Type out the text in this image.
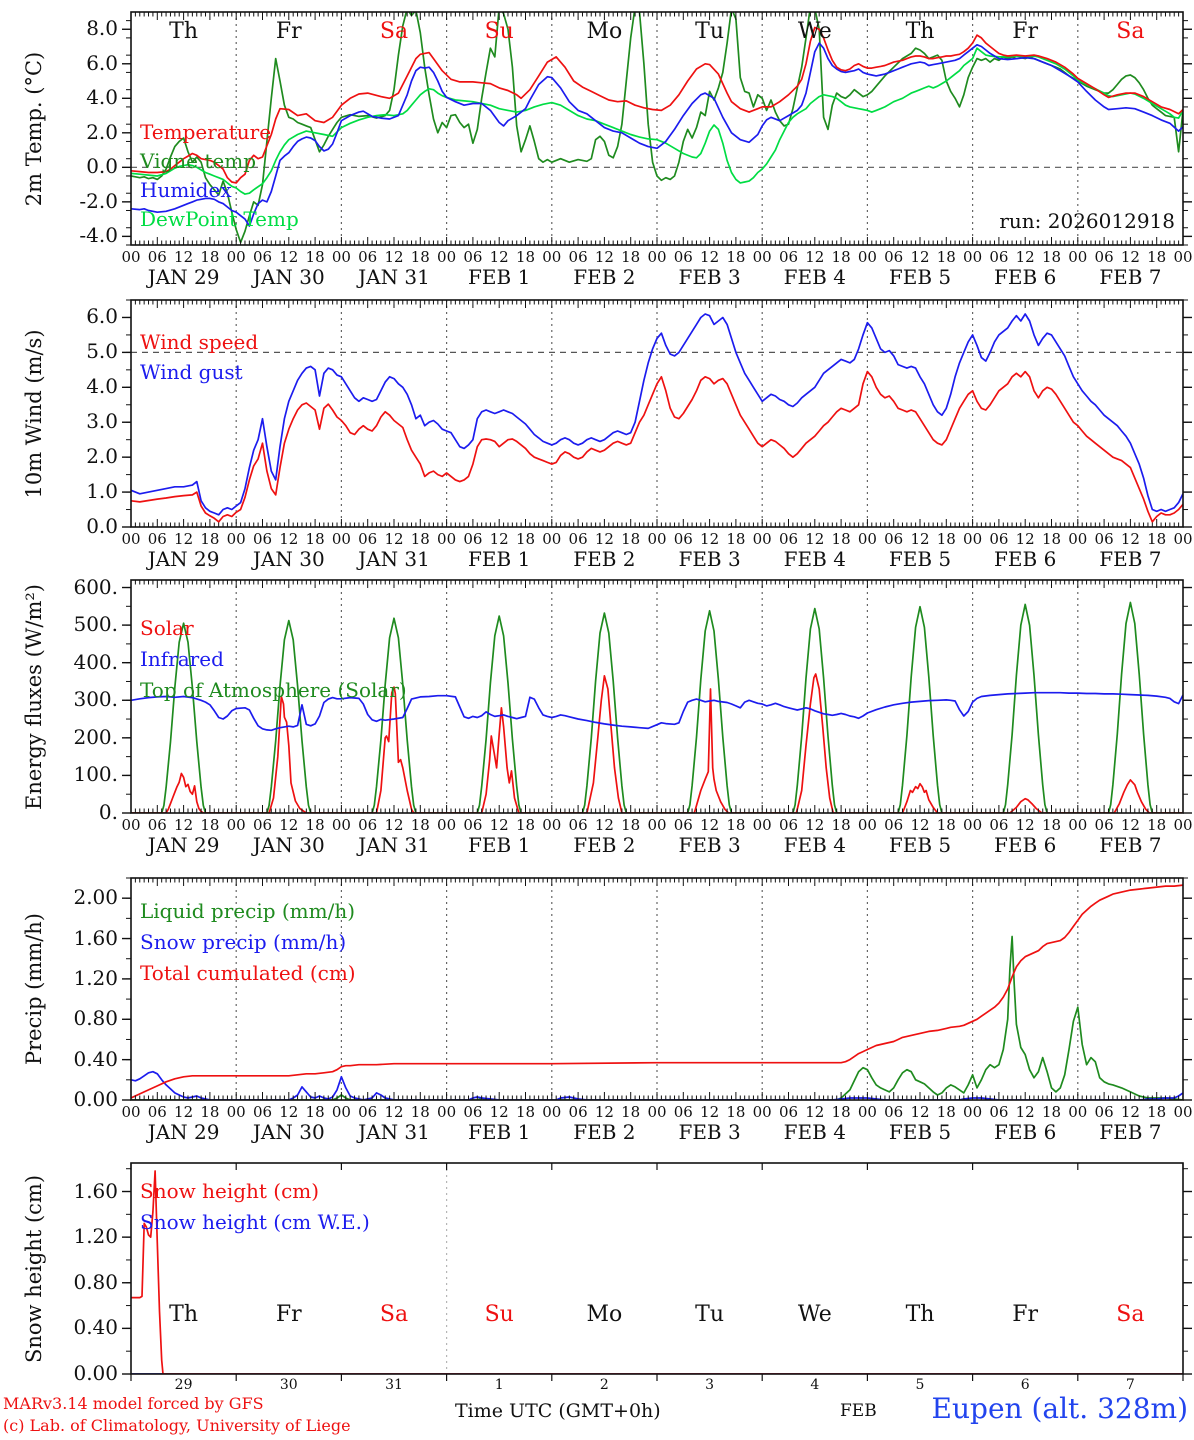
8.0
6.0
4.0
2.0
0.0
-2.0
-4.0
00 06 12 18 00 06 12 18 00 06 12 18 00 06 12 18 00 06 12 18 00 06 12 18 00 06 12 18 00 06 12 18 00 06 12 18 00 06 12 18 00
JAN 29	JAN 30	JAN 31	FEB 1	FEB 2	FEB 3	FEB 4	FEB 5	FEB 6	FEB 7
Th	Fr	Sa	Su	Mo	Tu	We	Th	Fr	Sa
Temperature
Vigne temp
Humidex
DewPoint Temp
2m Temp. (°C)
6.0
5.0
4.0
3.0
2.0
1.0
0.0
00 06 12 18 00 06 12 18 00 06 12 18 00 06 12 18 00 06 12 18 00 06 12 18 00 06 12 18 00 06 12 18 00 06 12 18 00 06 12 18 00
JAN 29	JAN 30	JAN 31	FEB 1	FEB 2	FEB 3	FEB 4	FEB 5	FEB 6	FEB 7
Wind speed
Wind gust
10m Wind (m/s)
600.
500.
400.
300.
200.
100.
0.
00 06 12 18 00 06 12 18 00 06 12 18 00 06 12 18 00 06 12 18 00 06 12 18 00 06 12 18 00 06 12 18 00 06 12 18 00 06 12 18 00
JAN 29	JAN 30	JAN 31	FEB 1	FEB 2	FEB 3	FEB 4	FEB 5	FEB 6	FEB 7
Solar
Infrared
Top of Atmosphere (Solar)
Energy fluxes (W/m²)
2.00
1.60
1.20
0.80
0.40
0.00
00 06 12 18 00 06 12 18 00 06 12 18 00 06 12 18 00 06 12 18 00 06 12 18 00 06 12 18 00 06 12 18 00 06 12 18 00 06 12 18 00
JAN 29	JAN 30	JAN 31	FEB 1	FEB 2	FEB 3	FEB 4	FEB 5	FEB 6	FEB 7
Liquid precip (mm/h)
Snow precip (mm/h)
Total cumulated (cm)
Precip (mm/h)
1.60
1.20
0.80
0.40
0.00	29	30	31	1	2	3	4	5	6	7
Th	Fr	Sa	Su	Mo	Tu	We	Th	Fr	Sa
Snow height (cm)
Snow height (cm W.E.)
Snow height (cm)
run: 2026012918
MARv3.14 model forced by GFS
(c) Lab. of Climatology, University of Liege
Time UTC (GMT+0h)	FEB Eupen (alt. 328m)
